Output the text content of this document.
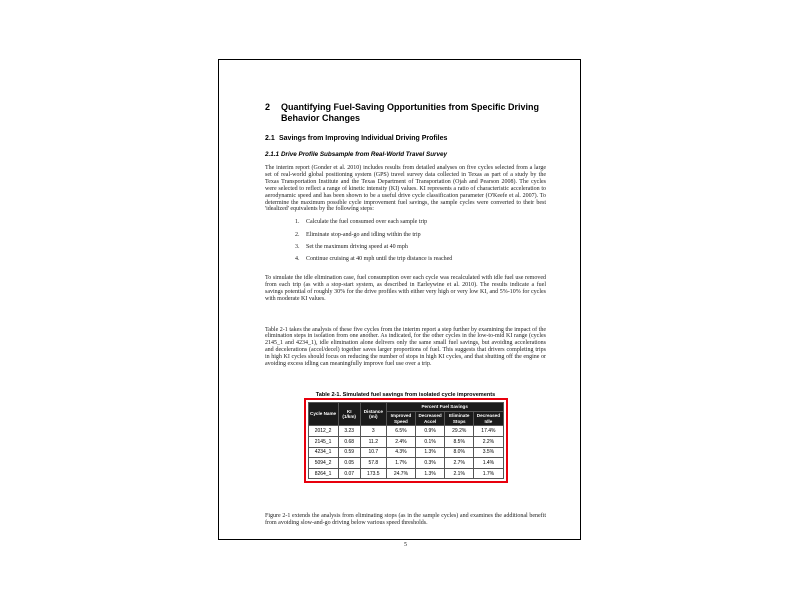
2	Quantifying Fuel-Saving Opportunities from Specific Driving Behavior Changes
2.1 Savings from Improving Individual Driving Profiles
2.1.1 Drive Profile Subsample from Real-World Travel Survey
The interim report (Gonder et al. 2010) includes results from detailed analyses on five cycles selected from a large set of real-world global positioning system (GPS) travel survey data collected in Texas as part of a study by the Texas Transportation Institute and the Texas Department of Transportation (Ojah and Pearson 2008). The cycles were selected to reflect a range of kinetic intensity (KI) values. KI represents a ratio of characteristic acceleration to aerodynamic speed and has been shown to be a useful drive cycle classification parameter (O'Keefe et al. 2007). To determine the maximum possible cycle improvement fuel savings, the sample cycles were converted to their best 'idealized' equivalents by the following steps:
1.	Calculate the fuel consumed over each sample trip
2.	Eliminate stop-and-go and idling within the trip
3.	Set the maximum driving speed at 40 mph
4.	Continue cruising at 40 mph until the trip distance is reached
To simulate the idle elimination case, fuel consumption over each cycle was recalculated with idle fuel use removed from each trip (as with a stop-start system, as described in Earleywine et al. 2010). The results indicate a fuel savings potential of roughly 30% for the drive profiles with either very high or very low KI, and 5%-10% for cycles with moderate KI values.
Table 2-1 takes the analysis of these five cycles from the interim report a step further by examining the impact of the elimination steps in isolation from one another. As indicated, for the other cycles in the low-to-mid KI range (cycles 2145_1 and 4234_1), idle elimination alone delivers only the same small fuel savings, but avoiding accelerations and decelerations (accel/decel) together saves larger proportions of fuel. This suggests that drivers completing trips in high KI cycles should focus on reducing the number of stops in high KI cycles, and that shutting off the engine or avoiding excess idling can meaningfully improve fuel use over a trip.
Table 2-1. Simulated fuel savings from isolated cycle improvements
Cycle Name	KI (1/km)	Distance (mi)	Percent Fuel Savings			
			Improved Speed	Decreased Accel	Eliminate Stops	Decreased Idle
2012_2	3.23	3	6.5%	0.9%	29.2%	17.4%
2145_1	0.68	11.2	2.4%	0.1%	8.5%	2.2%
4234_1	0.59	10.7	4.3%	1.3%	8.0%	3.5%
5094_2	0.05	57.8	1.7%	0.3%	2.7%	1.4%
8264_1	0.07	173.5	24.7%	1.3%	2.1%	1.7%
Figure 2-1 extends the analysis from eliminating stops (as in the sample cycles) and examines the additional benefit from avoiding slow-and-go driving below various speed thresholds.
5
